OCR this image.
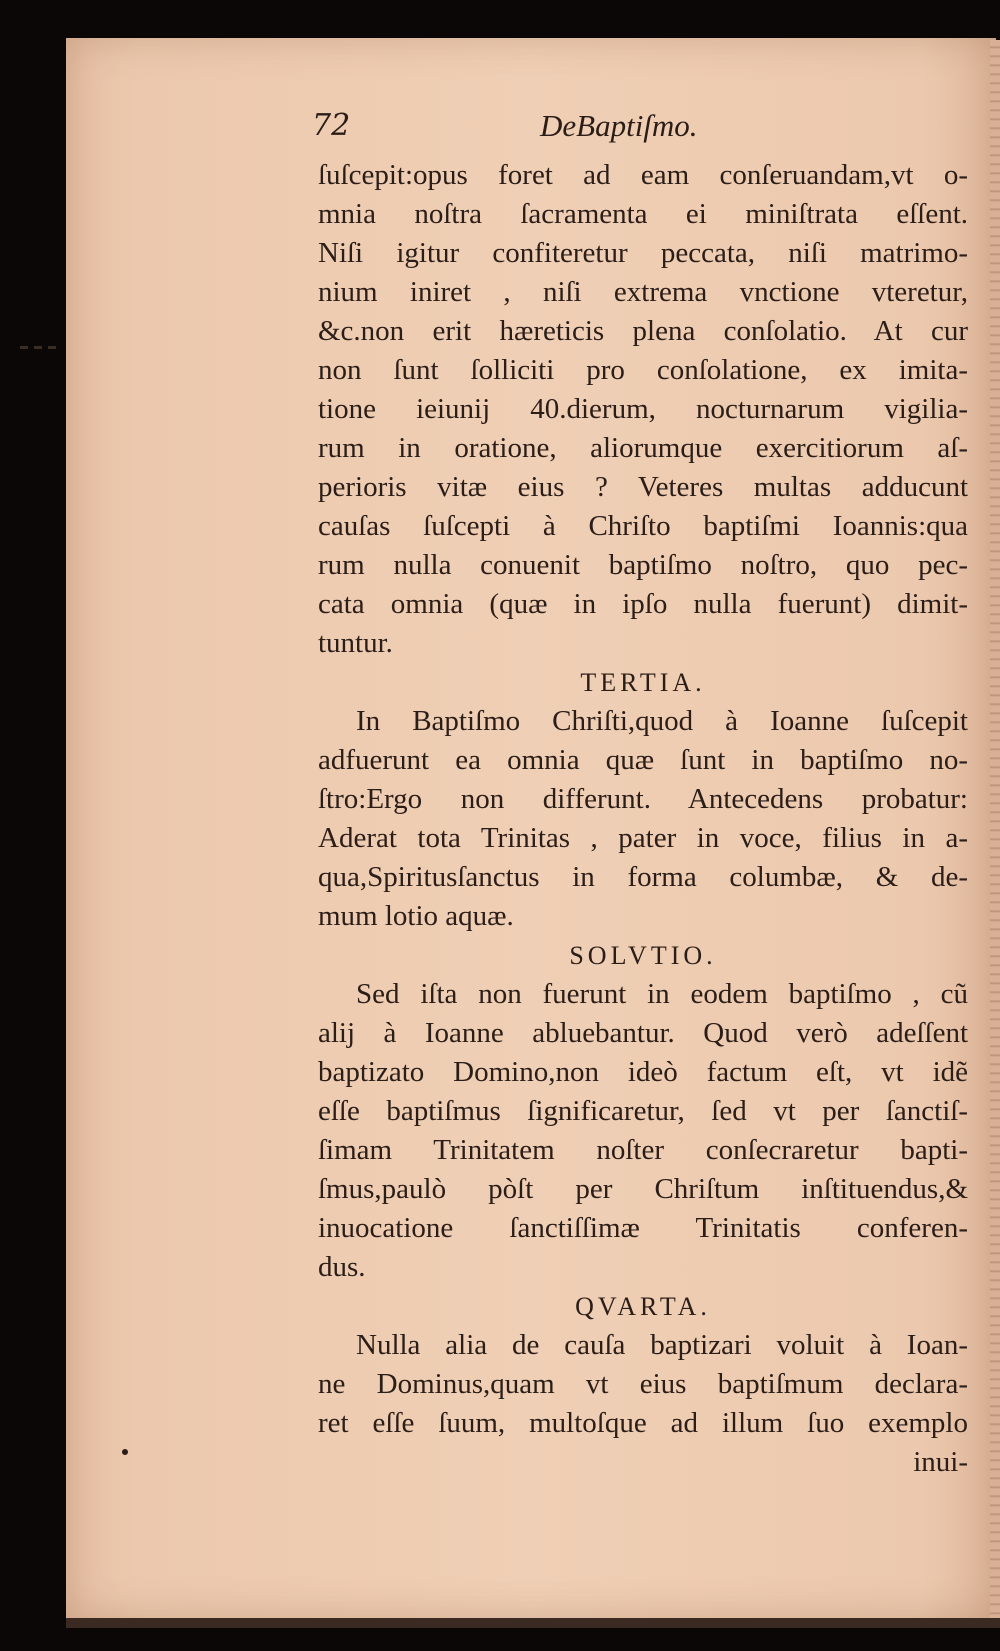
72	DeBaptiſmo.
ſuſcepit:opus foret ad eam conſeruandam,vt o-
mnia noſtra ſacramenta ei miniſtrata eſſent.
Niſi igitur confiteretur peccata, niſi matrimo-
nium iniret , niſi extrema vnctione vteretur,
&c.non erit hæreticis plena conſolatio. At cur
non ſunt ſolliciti pro conſolatione, ex imita-
tione ieiunij 40.dierum, nocturnarum vigilia-
rum in oratione, aliorumque exercitiorum aſ-
perioris vitæ eius ? Veteres multas adducunt
cauſas ſuſcepti à Chriſto baptiſmi Ioannis:qua
rum nulla conuenit baptiſmo noſtro, quo pec-
cata omnia (quæ in ipſo nulla fuerunt) dimit-
tuntur.
TERTIA.
In Baptiſmo Chriſti,quod à Ioanne ſuſcepit
adfuerunt ea omnia quæ ſunt in baptiſmo no-
ſtro:Ergo non differunt. Antecedens probatur:
Aderat tota Trinitas , pater in voce, filius in a-
qua,Spiritusſanctus in forma columbæ, & de-
mum lotio aquæ.
SOLVTIO.
Sed iſta non fuerunt in eodem baptiſmo , cũ
alij à Ioanne abluebantur. Quod verò adeſſent
baptizato Domino,non ideò factum eſt, vt idẽ
eſſe baptiſmus ſignificaretur, ſed vt per ſanctiſ-
ſimam Trinitatem noſter conſecraretur bapti-
ſmus,paulò pòſt per Chriſtum inſtituendus,&
inuocatione ſanctiſſimæ Trinitatis conferen-
dus.
QVARTA.
Nulla alia de cauſa baptizari voluit à Ioan-
ne Dominus,quam vt eius baptiſmum declara-
ret eſſe ſuum, multoſque ad illum ſuo exemplo
inui-
